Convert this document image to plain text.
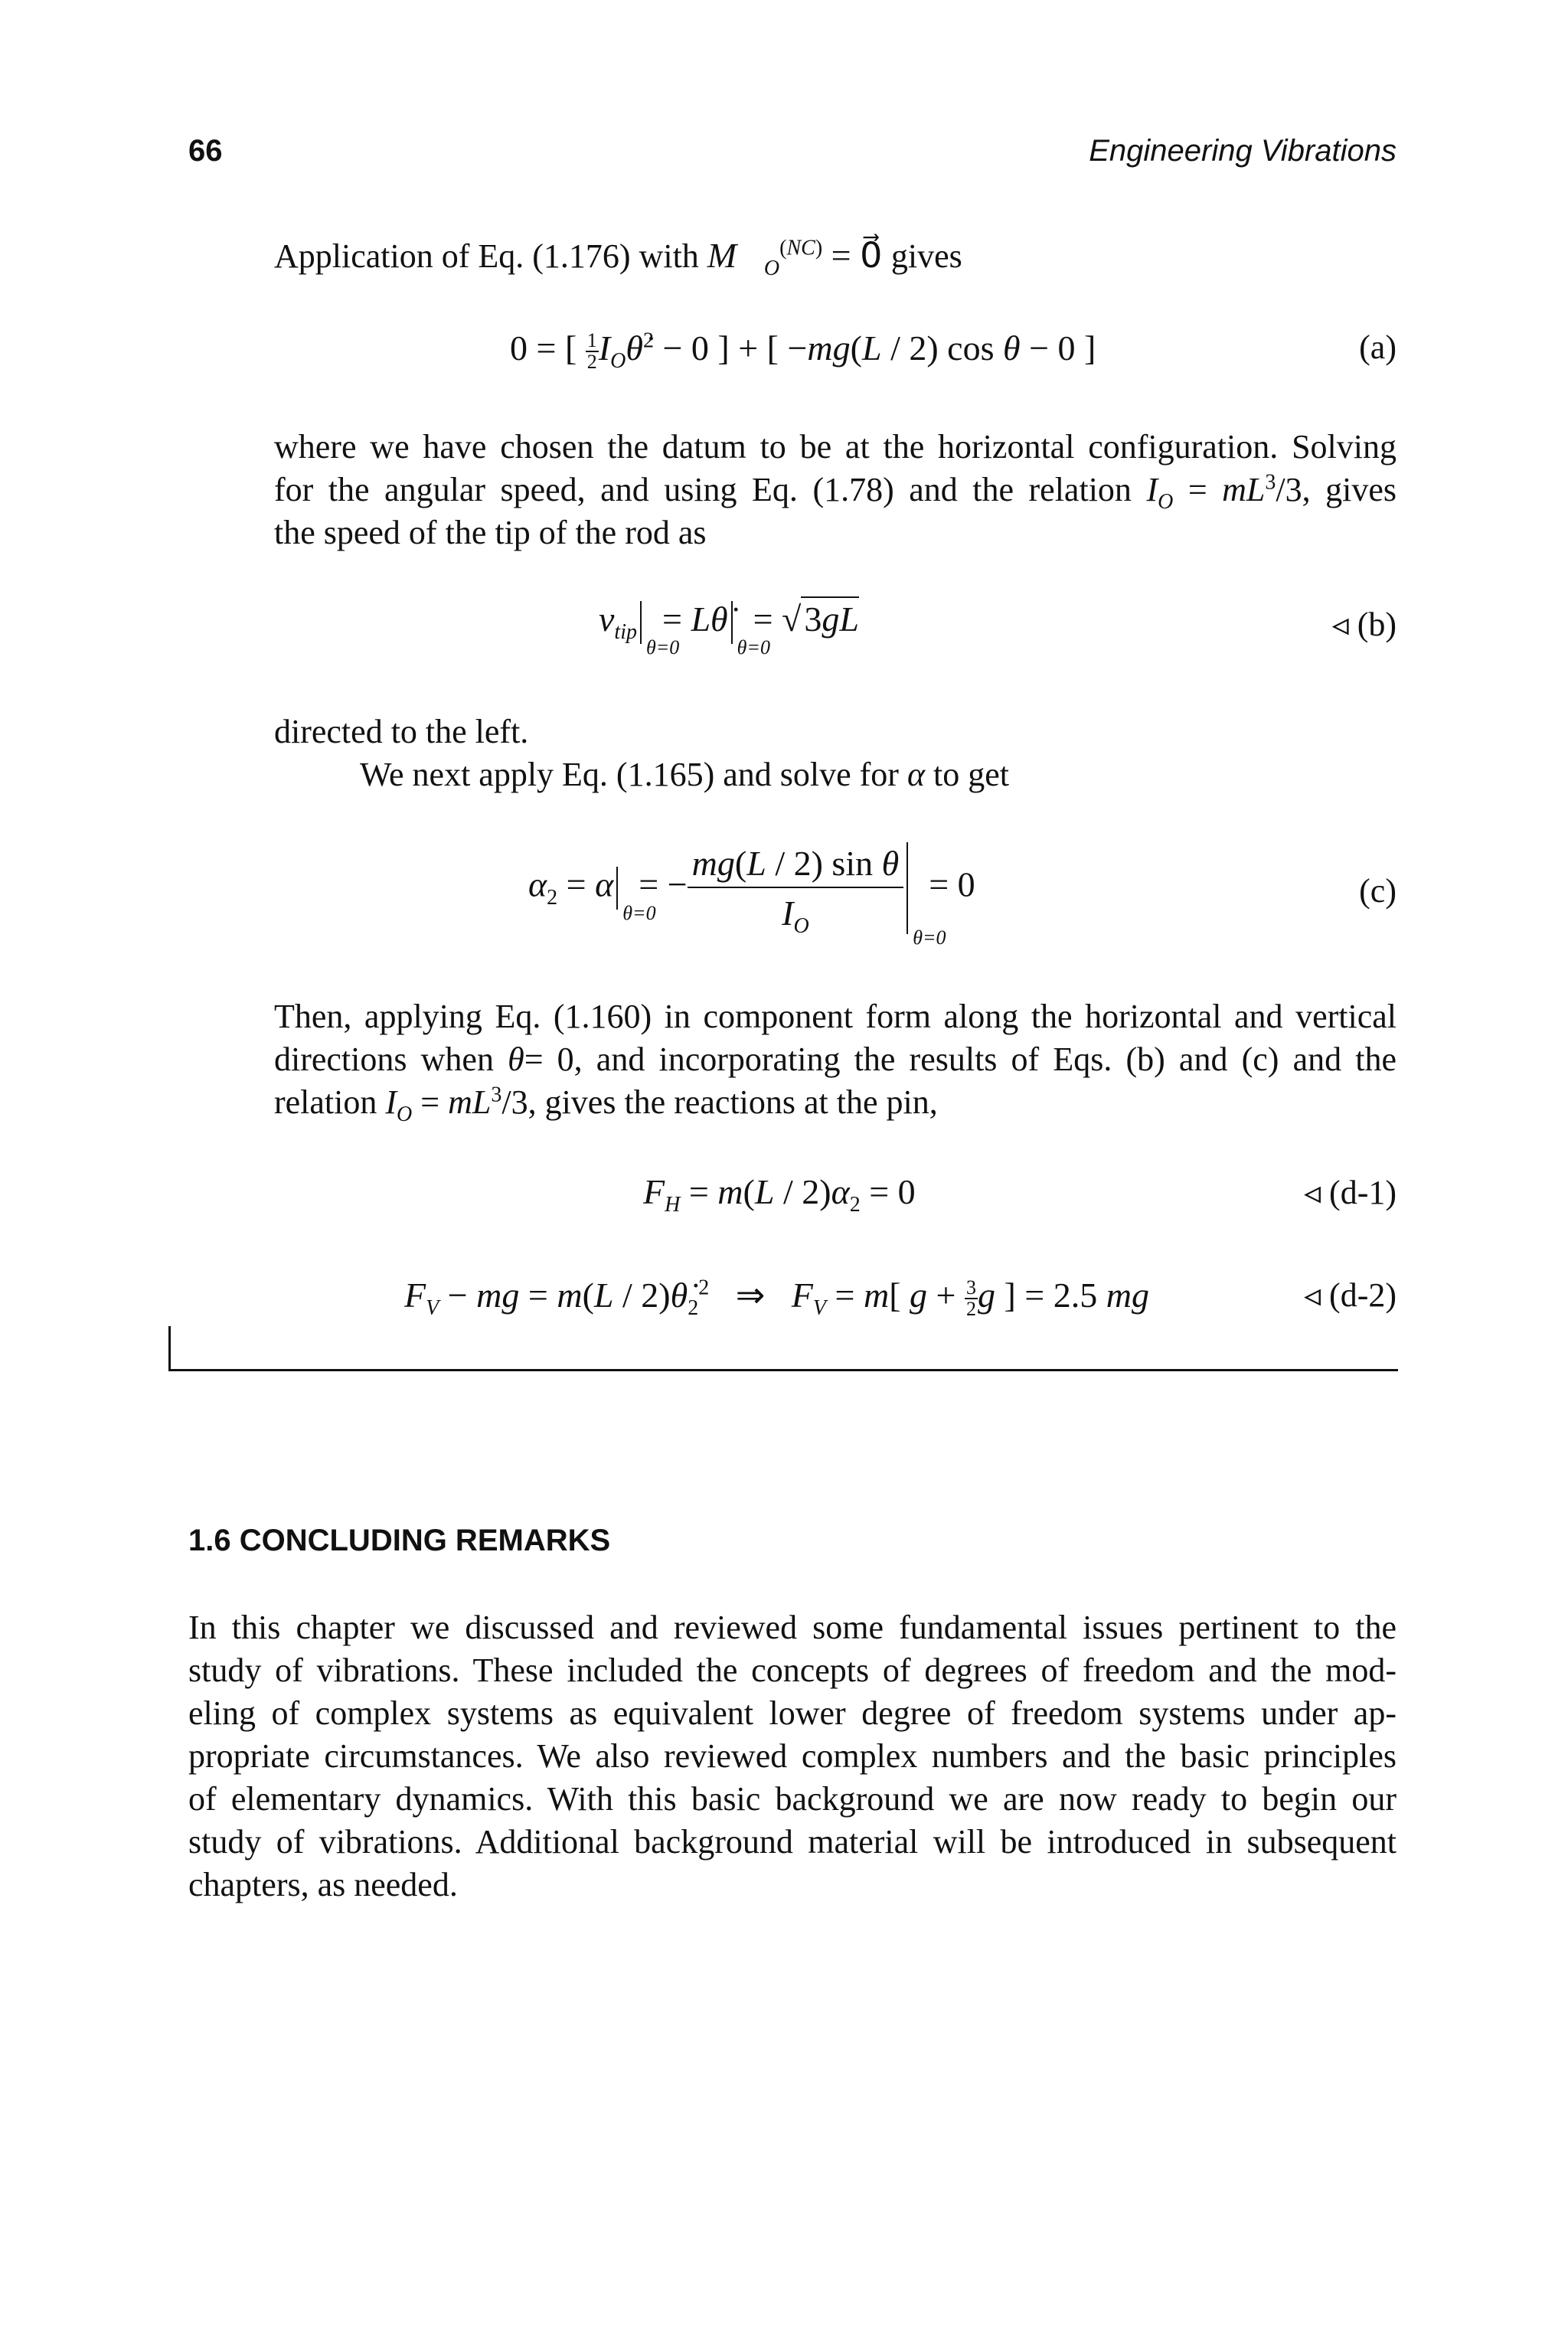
66	Engineering Vibrations
Application of Eq. (1.176) with $M⃗_O^{(NC)}$ = 0⃗ gives
0 = [ $\frac{1}{2}$ $I_O\thetȧ^2 - 0$ ] + [ −mg(L / 2) cos θ − 0 ]	(a)
where we have chosen the datum to be at the horizontal configuration. Solving
for the angular speed, and using Eq. (1.78) and the relation $I_O = mL^3/3$, gives
the speed of the tip of the rod as
$v_{tip}$
θ=0
= Lθ̇
θ=0
= √3gL	◃ (b)
directed to the left.
We next apply Eq. (1.165) and solve for α to get
$\alpha_2 = \alpha$
θ=0
= − $\frac{\text{mg(L / 2) sin θ}}{I_O}$
θ=0
= 0	(c)
Then, applying Eq. (1.160) in component form along the horizontal and vertical
directions when θ= 0, and incorporating the results of Eqs. (b) and (c) and the
relation $I_O = mL^3/3$, gives the reactions at the pin,
$F_H = m(L / 2)\alpha_2 = 0$	◃ (d-1)
$F_V$ − mg = $m(L / 2)\thetȧ_2^2$   ⇒   $F_V = m$[ $g + \frac{3}{2}$ g ] = 2.5 mg	◃ (d-2)
1.6 CONCLUDING REMARKS
In this chapter we discussed and reviewed some fundamental issues pertinent to the
study of vibrations. These included the concepts of degrees of freedom and the mod-
eling of complex systems as equivalent lower degree of freedom systems under ap-
propriate circumstances. We also reviewed complex numbers and the basic principles
of elementary dynamics. With this basic background we are now ready to begin our
study of vibrations. Additional background material will be introduced in subsequent
chapters, as needed.
